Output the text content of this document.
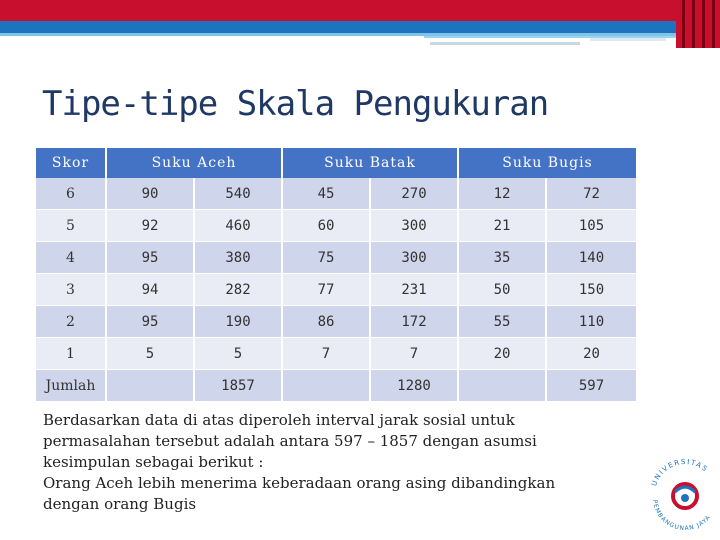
Tipe-tipe Skala Pengukuran
Skor	Suku Aceh		Suku Batak		Suku Bugis	
6	90	540	45	270	12	72
5	92	460	60	300	21	105
4	95	380	75	300	35	140
3	94	282	77	231	50	150
2	95	190	86	172	55	110
1	5	5	7	7	20	20
Jumlah		1857		1280		597
Berdasarkan data di atas diperoleh interval jarak sosial untuk
permasalahan tersebut adalah antara 597 – 1857 dengan asumsi
kesimpulan sebagai berikut :
Orang Aceh lebih menerima keberadaan orang asing dibandingkan
dengan orang Bugis
UNIVERSITAS
PEMBANGUNAN JAYA
